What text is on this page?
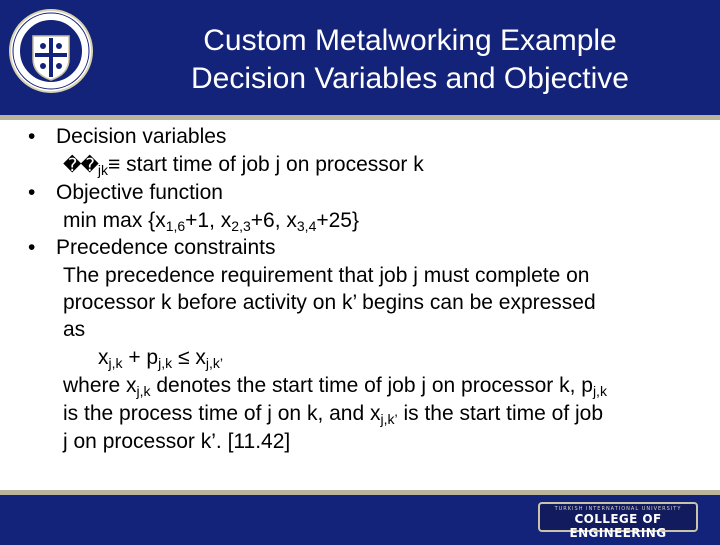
Custom Metalworking Example
Decision Variables and Objective
• Decision variables
$��_{jk}\equiv$ start time of job j on processor k
• Objective function
$\min \max \{x_{1,6}+1$, $x_{2,3}+6$, $x_{3,4}+25$}
• Precedence constraints
The precedence requirement that job j must complete on
processor k before activity on k’ begins can be expressed
as
$x_{j,k} + p_{j,k} \le x_{j,k’}$
where $x_{j,k}$ denotes the start time of job j on processor k, $p_{j,k}$
is the process time of j on k, and $x_{j,k’}$ is the start time of job
j on processor k’. [11.42]
TURKISH INTERNATIONAL UNIVERSITY
COLLEGE OF ENGINEERING
